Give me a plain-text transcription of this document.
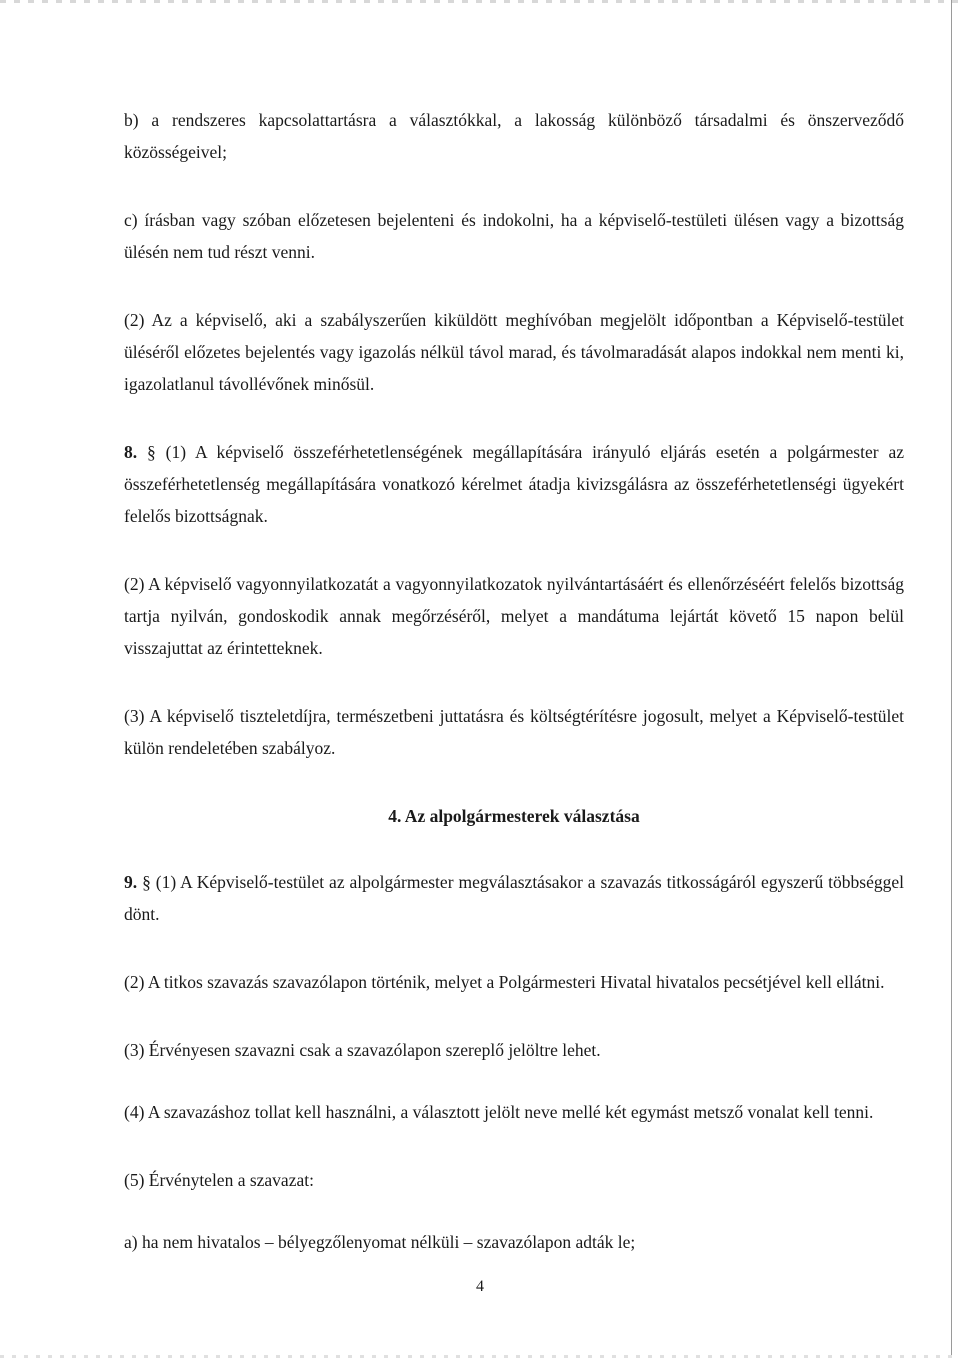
b) a rendszeres kapcsolattartásra a választókkal, a lakosság különböző társadalmi és önszerveződő közösségeivel;

c) írásban vagy szóban előzetesen bejelenteni és indokolni, ha a képviselő-testületi ülésen vagy a bizottság ülésén nem tud részt venni.

(2) Az a képviselő, aki a szabályszerűen kiküldött meghívóban megjelölt időpontban a Képviselő-testület üléséről előzetes bejelentés vagy igazolás nélkül távol marad, és távolmaradását alapos indokkal nem menti ki, igazolatlanul távollévőnek minősül.

8. § (1) A képviselő összeférhetetlenségének megállapítására irányuló eljárás esetén a polgármester az összeférhetetlenség megállapítására vonatkozó kérelmet átadja kivizsgálásra az összeférhetetlenségi ügyekért felelős bizottságnak.

(2) A képviselő vagyonnyilatkozatát a vagyonnyilatkozatok nyilvántartásáért és ellenőrzéséért felelős bizottság tartja nyilván, gondoskodik annak megőrzéséről, melyet a mandátuma lejártát követő 15 napon belül visszajuttat az érintetteknek.

(3) A képviselő tiszteletdíjra, természetbeni juttatásra és költségtérítésre jogosult, melyet a Képviselő-testület külön rendeletében szabályoz.

4. Az alpolgármesterek választása

9. § (1) A Képviselő-testület az alpolgármester megválasztásakor a szavazás titkosságáról egyszerű többséggel dönt.

(2) A titkos szavazás szavazólapon történik, melyet a Polgármesteri Hivatal hivatalos pecsétjével kell ellátni.

(3) Érvényesen szavazni csak a szavazólapon szereplő jelöltre lehet.

(4) A szavazáshoz tollat kell használni, a választott jelölt neve mellé két egymást metsző vonalat kell tenni.

(5) Érvénytelen a szavazat:

a) ha nem hivatalos – bélyegzőlenyomat nélküli – szavazólapon adták le;

4
